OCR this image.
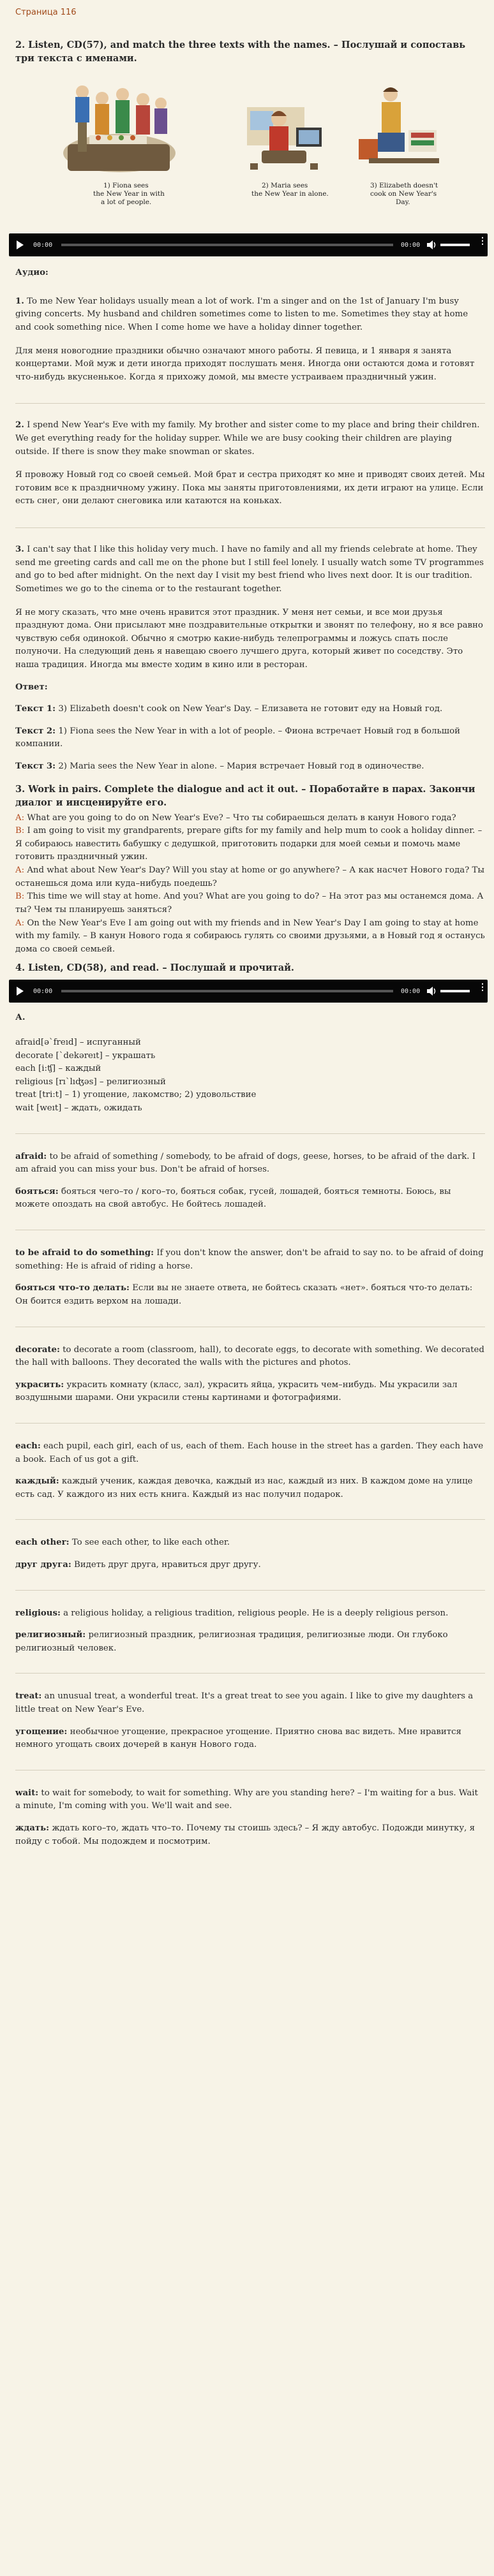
Страница 116
2. Listen, CD(57), and match the three texts with the names. – Послушай и сопоставь три текста с именами.
1) Fiona sees
the New Year in with
a lot of people.
2) Maria sees
the New Year in alone.
3) Elizabeth doesn't
cook on New Year's
Day.
00:00	00:00	⋮

Аудио:

1. To me New Year holidays usually mean a lot of work. I'm a singer and on the 1st of January I'm busy giving concerts. My husband and children sometimes come to listen to me. Sometimes they stay at home and cook something nice. When I come home we have a holiday dinner together.

Для меня новогодние праздники обычно означают много работы. Я певица, и 1 января я занята концертами. Мой муж и дети иногда приходят послушать меня. Иногда они остаются дома и готовят что-нибудь вкусненькое. Когда я прихожу домой, мы вместе устраиваем праздничный ужин.

2. I spend New Year's Eve with my family. My brother and sister come to my place and bring their children. We get everything ready for the holiday supper. While we are busy cooking their children are playing outside. If there is snow they make snowman or skates.

Я провожу Новый год со своей семьей. Мой брат и сестра приходят ко мне и приводят своих детей. Мы готовим все к праздничному ужину. Пока мы заняты приготовлениями, их дети играют на улице. Если есть снег, они делают снеговика или катаются на коньках.

3. I can't say that I like this holiday very much. I have no family and all my friends celebrate at home. They send me greeting cards and call me on the phone but I still feel lonely. I usually watch some TV programmes and go to bed after midnight. On the next day I visit my best friend who lives next door. It is our tradition. Sometimes we go to the cinema or to the restaurant together.

Я не могу сказать, что мне очень нравится этот праздник. У меня нет семьи, и все мои друзья празднуют дома. Они присылают мне поздравительные открытки и звонят по телефону, но я все равно чувствую себя одинокой. Обычно я смотрю какие-нибудь телепрограммы и ложусь спать после полуночи. На следующий день я навещаю своего лучшего друга, который живет по соседству. Это наша традиция. Иногда мы вместе ходим в кино или в ресторан.

Ответ:

Текст 1: 3) Elizabeth doesn't cook on New Year's Day. – Елизавета не готовит еду на Новый год.

Текст 2: 1) Fiona sees the New Year in with a lot of people. – Фиона встречает Новый год в большой компании.

Текст 3: 2) Maria sees the New Year in alone. – Мария встречает Новый год в одиночестве.

3. Work in pairs. Complete the dialogue and act it out. – Поработайте в парах. Закончи диалог и инсценируйте его.

A: What are you going to do on New Year's Eve? – Что ты собираешься делать в канун Нового года?

B: I am going to visit my grandparents, prepare gifts for my family and help mum to cook a holiday dinner. – Я собираюсь навестить бабушку с дедушкой, приготовить подарки для моей семьи и помочь маме готовить праздничный ужин.

A: And what about New Year's Day? Will you stay at home or go anywhere? – А как насчет Нового года? Ты останешься дома или куда–нибудь поедешь?

B: This time we will stay at home. And you? What are you going to do? – На этот раз мы останемся дома. А ты? Чем ты планируешь заняться?

A: On the New Year's Eve I am going out with my friends and in New Year's Day I am going to stay at home with my family. – В канун Нового года я собираюсь гулять со своими друзьями, а в Новый год я останусь дома со своей семьей.

4. Listen, CD(58), and read. – Послушай и прочитай.
00:00	00:00	⋮

А.

afraid[ə`freıd] – испуганный

decorate [`dekəreıt] – украшать

each [i:ʧ] – каждый

religious [rı`lıʤəs] – религиозный

treat [tri:t] – 1) угощение, лакомство; 2) удовольствие

wait [weıt] – ждать, ожидать

afraid: to be afraid of something / somebody, to be afraid of dogs, geese, horses, to be afraid of the dark. I am afraid you can miss your bus. Don't be afraid of horses.

бояться: бояться чего–то / кого–то, бояться собак, гусей, лошадей, бояться темноты. Боюсь, вы можете опоздать на свой автобус. Не бойтесь лошадей.

to be afraid to do something: If you don't know the answer, don't be afraid to say no. to be afraid of doing something: He is afraid of riding a horse.

бояться что-то делать: Если вы не знаете ответа, не бойтесь сказать «нет». бояться что-то делать: Он боится ездить верхом на лошади.

decorate: to decorate a room (classroom, hall), to decorate eggs, to decorate with something. We decorated the hall with balloons. They decorated the walls with the pictures and photos.

украсить: украсить комнату (класс, зал), украсить яйца, украсить чем–нибудь. Мы украсили зал воздушными шарами. Они украсили стены картинами и фотографиями.

each: each pupil, each girl, each of us, each of them. Each house in the street has a garden. They each have a book. Each of us got a gift.

каждый: каждый ученик, каждая девочка, каждый из нас, каждый из них. В каждом доме на улице есть сад. У каждого из них есть книга. Каждый из нас получил подарок.

each other: To see each other, to like each other.

друг друга: Видеть друг друга, нравиться друг другу.

religious: a religious holiday, a religious tradition, religious people. He is a deeply religious person.

религиозный: религиозный праздник, религиозная традиция, религиозные люди. Он глубоко религиозный человек.

treat: an unusual treat, a wonderful treat. It's a great treat to see you again. I like to give my daughters a little treat on New Year's Eve.

угощение: необычное угощение, прекрасное угощение. Приятно снова вас видеть. Мне нравится немного угощать своих дочерей в канун Нового года.

wait: to wait for somebody, to wait for something. Why are you standing here? – I'm waiting for a bus. Wait a minute, I'm coming with you. We'll wait and see.

ждать: ждать кого–то, ждать что–то. Почему ты стоишь здесь? – Я жду автобус. Подожди минутку, я пойду с тобой. Мы подождем и посмотрим.
